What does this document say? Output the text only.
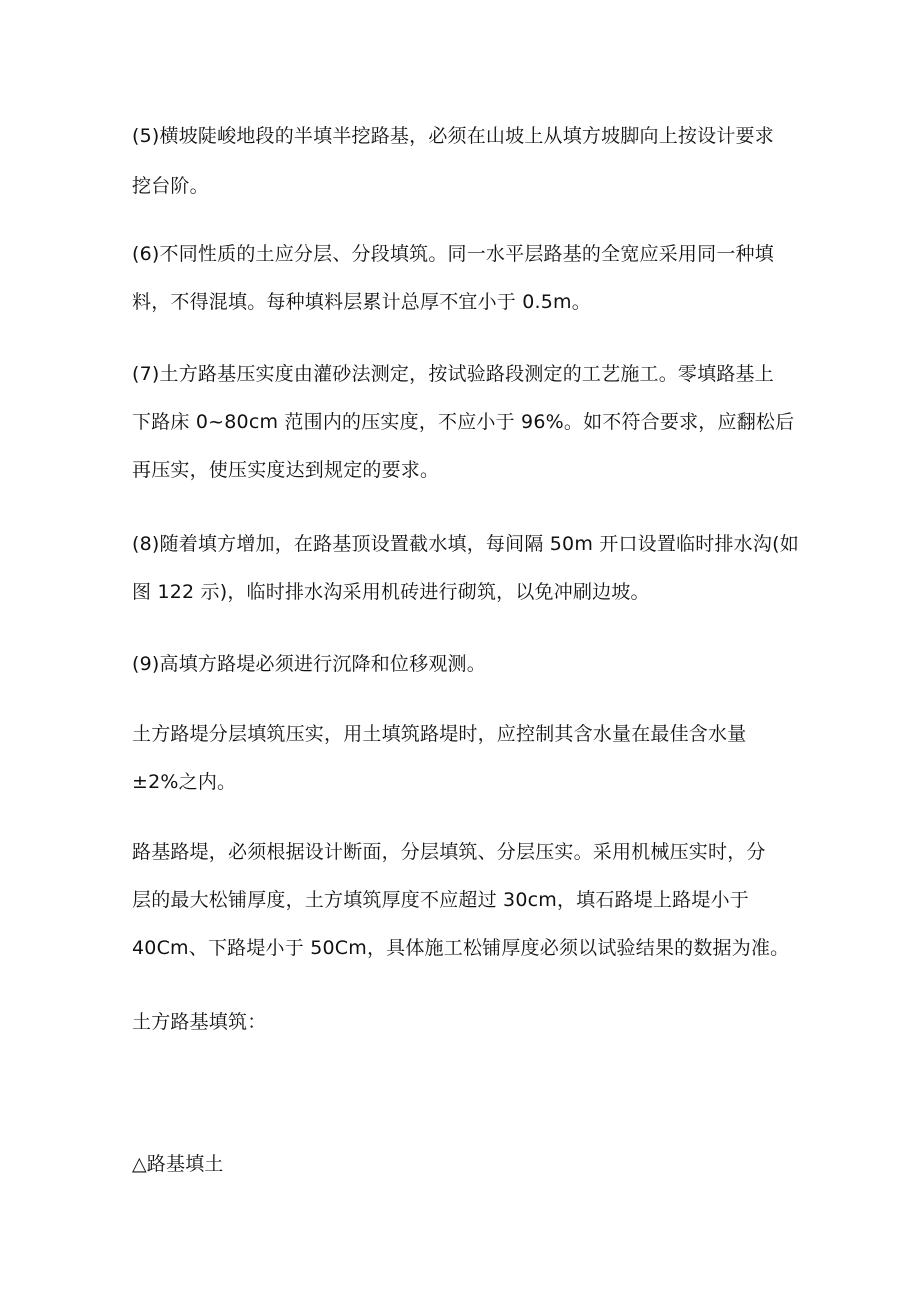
(5)横坡陡峻地段的半填半挖路基，必须在山坡上从填方坡脚向上按设计要求
挖台阶。
(6)不同性质的土应分层、分段填筑。同一水平层路基的全宽应采用同一种填
料，不得混填。每种填料层累计总厚不宜小于 0.5m。
(7)土方路基压实度由灌砂法测定，按试验路段测定的工艺施工。零填路基上
下路床 0~80cm 范围内的压实度，不应小于 96%。如不符合要求，应翻松后
再压实，使压实度达到规定的要求。
(8)随着填方增加，在路基顶设置截水填，每间隔 50m 开口设置临时排水沟(如
图 122 示)，临时排水沟采用机砖进行砌筑，以免冲刷边坡。
(9)高填方路堤必须进行沉降和位移观测。
土方路堤分层填筑压实，用土填筑路堤时，应控制其含水量在最佳含水量
±2%之内。
路基路堤，必须根据设计断面，分层填筑、分层压实。采用机械压实时，分
层的最大松铺厚度，土方填筑厚度不应超过 30cm，填石路堤上路堤小于
40Cm、下路堤小于 50Cm，具体施工松铺厚度必须以试验结果的数据为准。
土方路基填筑：
△路基填土
